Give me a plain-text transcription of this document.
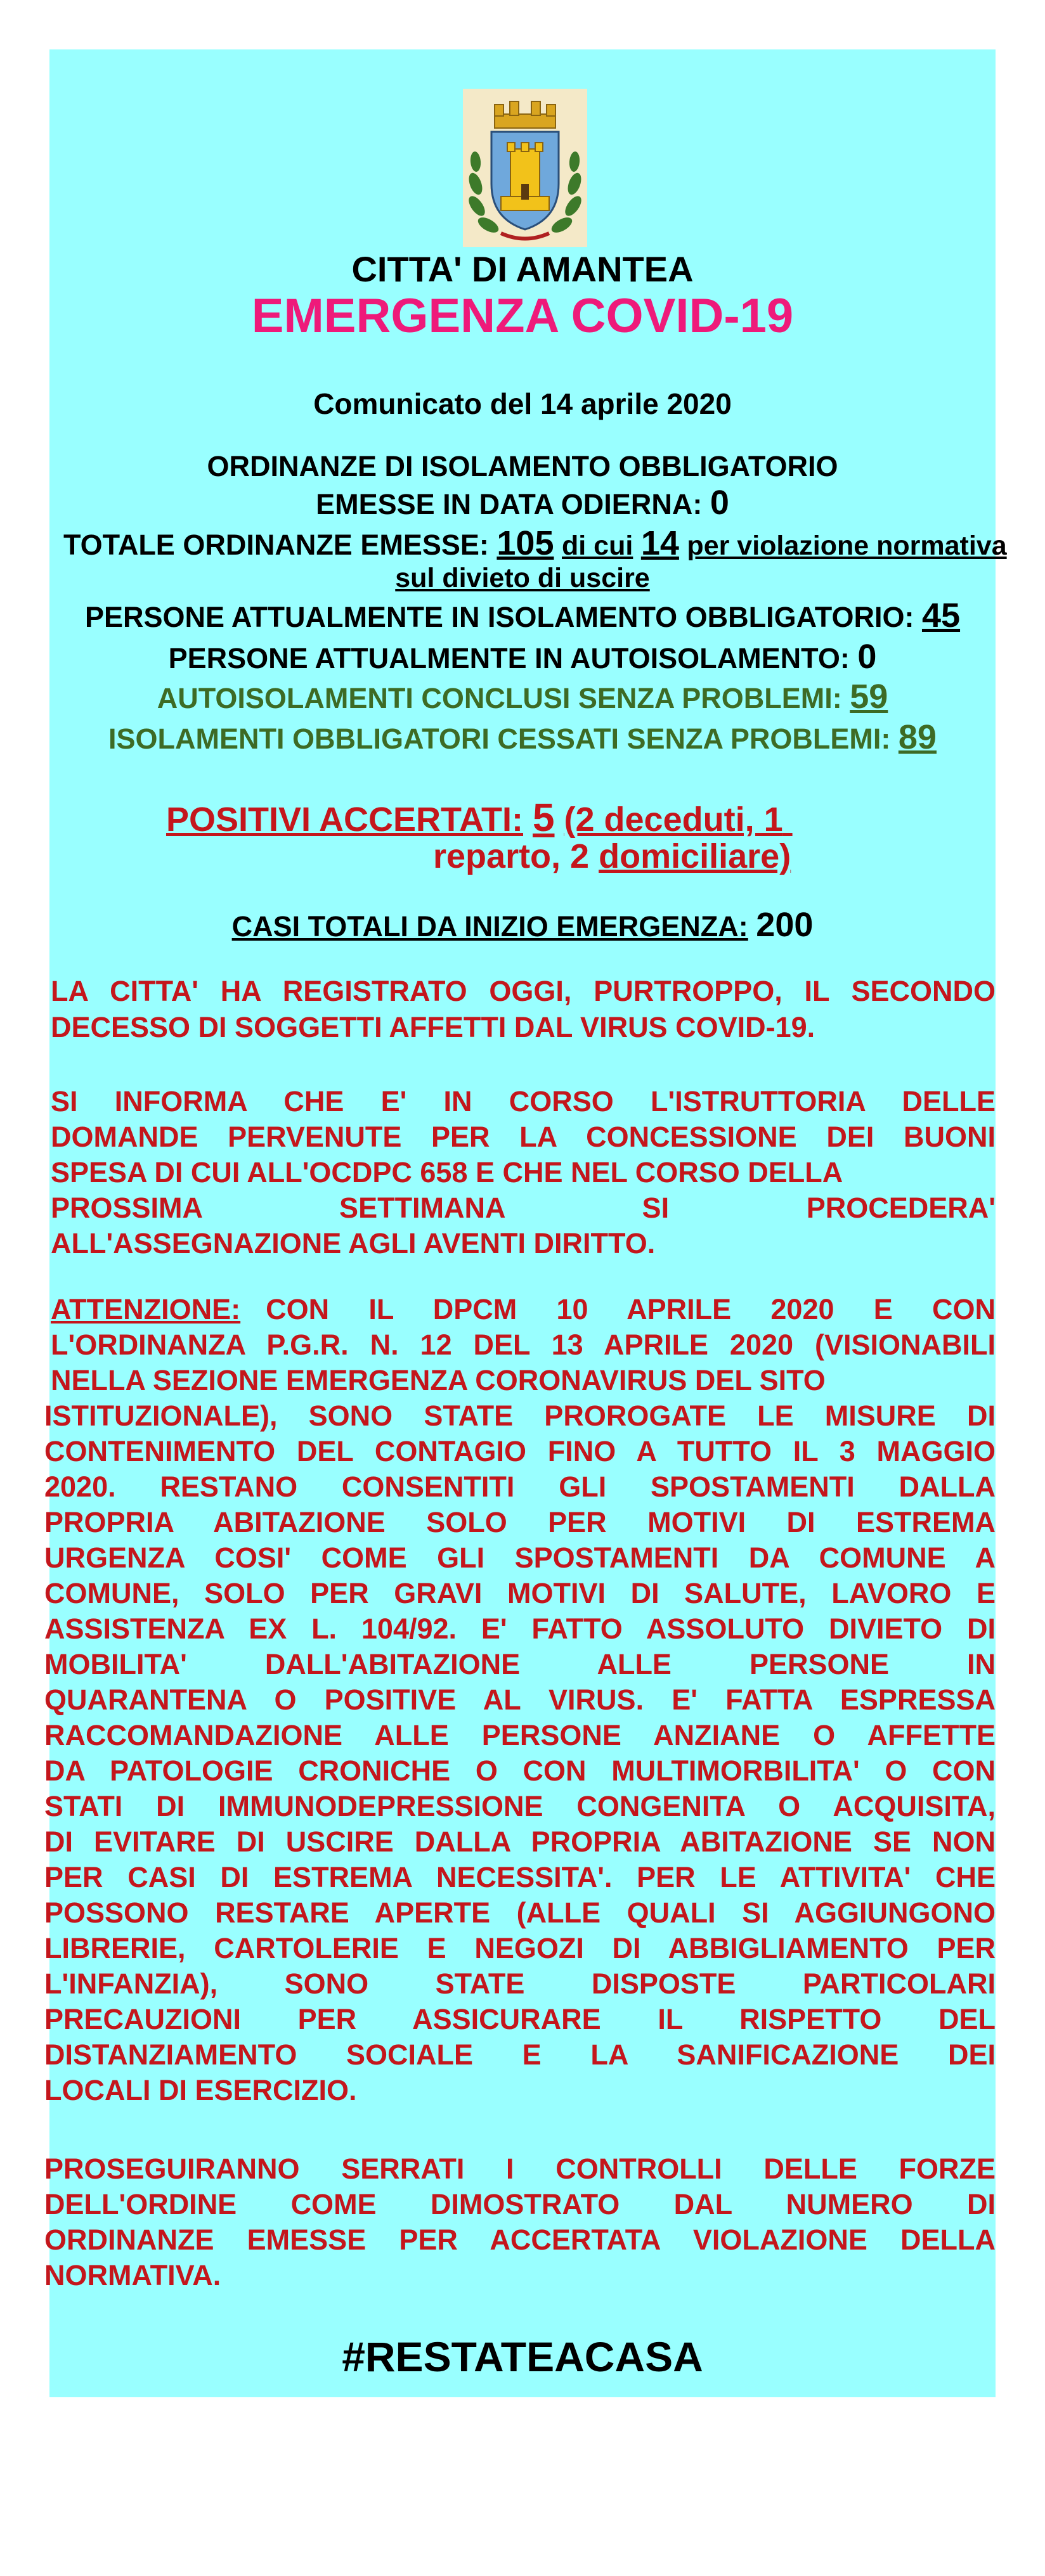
CITTA' DI AMANTEA
EMERGENZA COVID-19
Comunicato del 14 aprile 2020
ORDINANZE DI ISOLAMENTO OBBLIGATORIO
EMESSE IN DATA ODIERNA: 0
TOTALE ORDINANZE EMESSE: 105 di cui 14 per violazione normativa
sul divieto di uscire
PERSONE ATTUALMENTE IN ISOLAMENTO OBBLIGATORIO: 45
PERSONE ATTUALMENTE IN AUTOISOLAMENTO: 0
AUTOISOLAMENTI CONCLUSI SENZA PROBLEMI: 59
ISOLAMENTI OBBLIGATORI CESSATI SENZA PROBLEMI: 89
POSITIVI ACCERTATI: 5 (2 deceduti, 1
reparto, 2 domiciliare)
CASI TOTALI DA INIZIO EMERGENZA: 200
LA CITTA' HA REGISTRATO OGGI, PURTROPPO, IL SECONDO
DECESSO DI SOGGETTI AFFETTI DAL VIRUS COVID-19.
SI INFORMA CHE E' IN CORSO L'ISTRUTTORIA DELLE
DOMANDE PERVENUTE PER LA CONCESSIONE DEI BUONI
SPESA DI CUI ALL'OCDPC 658 E CHE NEL CORSO DELLA
PROSSIMA SETTIMANA SI PROCEDERA'
ALL'ASSEGNAZIONE AGLI AVENTI DIRITTO.
ATTENZIONE: CON IL DPCM 10 APRILE 2020 E CON
L'ORDINANZA P.G.R. N. 12 DEL 13 APRILE 2020 (VISIONABILI
NELLA SEZIONE EMERGENZA CORONAVIRUS DEL SITO
ISTITUZIONALE), SONO STATE PROROGATE LE MISURE DI
CONTENIMENTO DEL CONTAGIO FINO A TUTTO IL 3 MAGGIO
2020. RESTANO CONSENTITI GLI SPOSTAMENTI DALLA
PROPRIA ABITAZIONE SOLO PER MOTIVI DI ESTREMA
URGENZA COSI' COME GLI SPOSTAMENTI DA COMUNE A
COMUNE, SOLO PER GRAVI MOTIVI DI SALUTE, LAVORO E
ASSISTENZA EX L. 104/92. E' FATTO ASSOLUTO DIVIETO DI
MOBILITA' DALL'ABITAZIONE ALLE PERSONE IN
QUARANTENA O POSITIVE AL VIRUS. E' FATTA ESPRESSA
RACCOMANDAZIONE ALLE PERSONE ANZIANE O AFFETTE
DA PATOLOGIE CRONICHE O CON MULTIMORBILITA' O CON
STATI DI IMMUNODEPRESSIONE CONGENITA O ACQUISITA,
DI EVITARE DI USCIRE DALLA PROPRIA ABITAZIONE SE NON
PER CASI DI ESTREMA NECESSITA'. PER LE ATTIVITA' CHE
POSSONO RESTARE APERTE (ALLE QUALI SI AGGIUNGONO
LIBRERIE, CARTOLERIE E NEGOZI DI ABBIGLIAMENTO PER
L'INFANZIA), SONO STATE DISPOSTE PARTICOLARI
PRECAUZIONI PER ASSICURARE IL RISPETTO DEL
DISTANZIAMENTO SOCIALE E LA SANIFICAZIONE DEI
LOCALI DI ESERCIZIO.
PROSEGUIRANNO SERRATI I CONTROLLI DELLE FORZE
DELL'ORDINE COME DIMOSTRATO DAL NUMERO DI
ORDINANZE EMESSE PER ACCERTATA VIOLAZIONE DELLA
NORMATIVA.
#RESTATEACASA
